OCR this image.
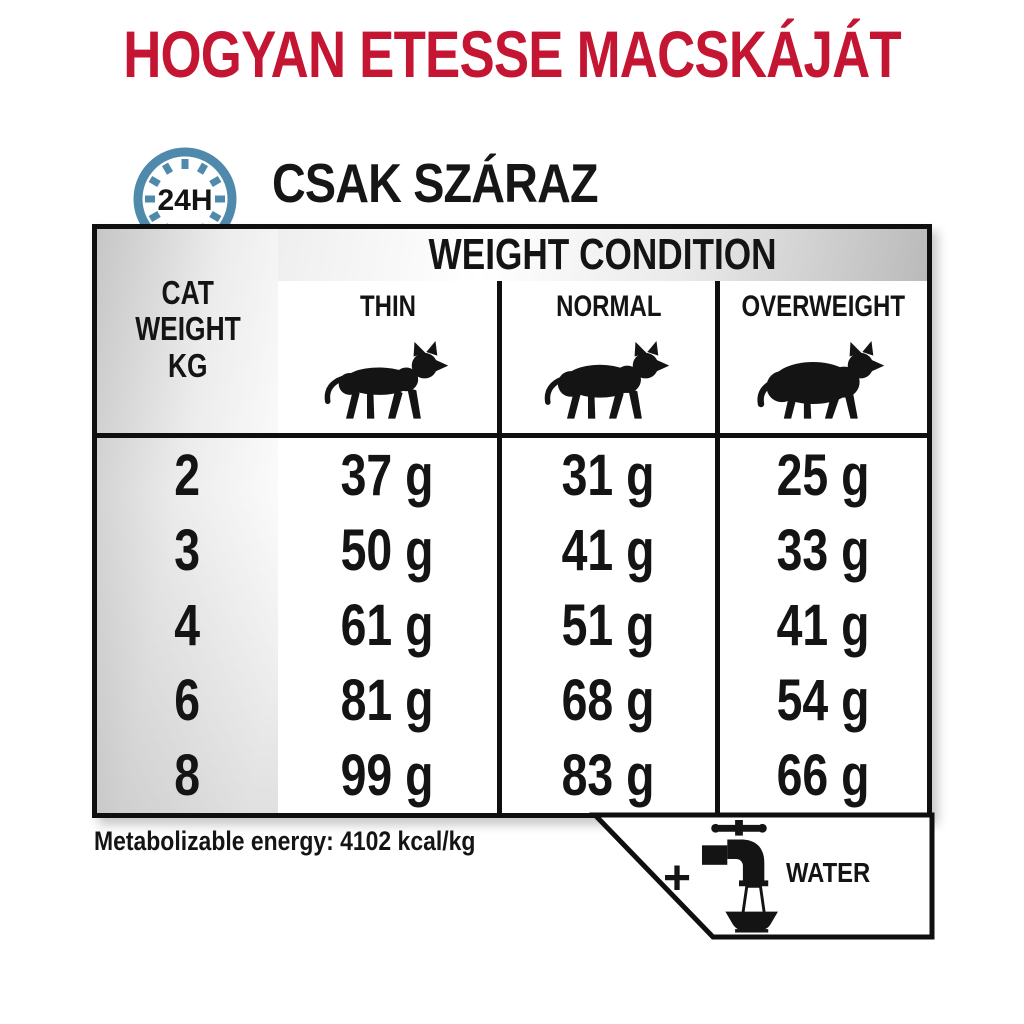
HOGYAN ETESSE MACSKÁJÁT
24H CSAK SZÁRAZ
CAT
WEIGHT
KG
2
3
4
6
8
WEIGHT CONDITION
THIN
37 g
50 g
61 g
81 g
99 g
NORMAL
31 g
41 g
51 g
68 g
83 g
OVERWEIGHT
25 g
33 g
41 g
54 g
66 g
Metabolizable energy: 4102 kcal/kg
+	WATER
